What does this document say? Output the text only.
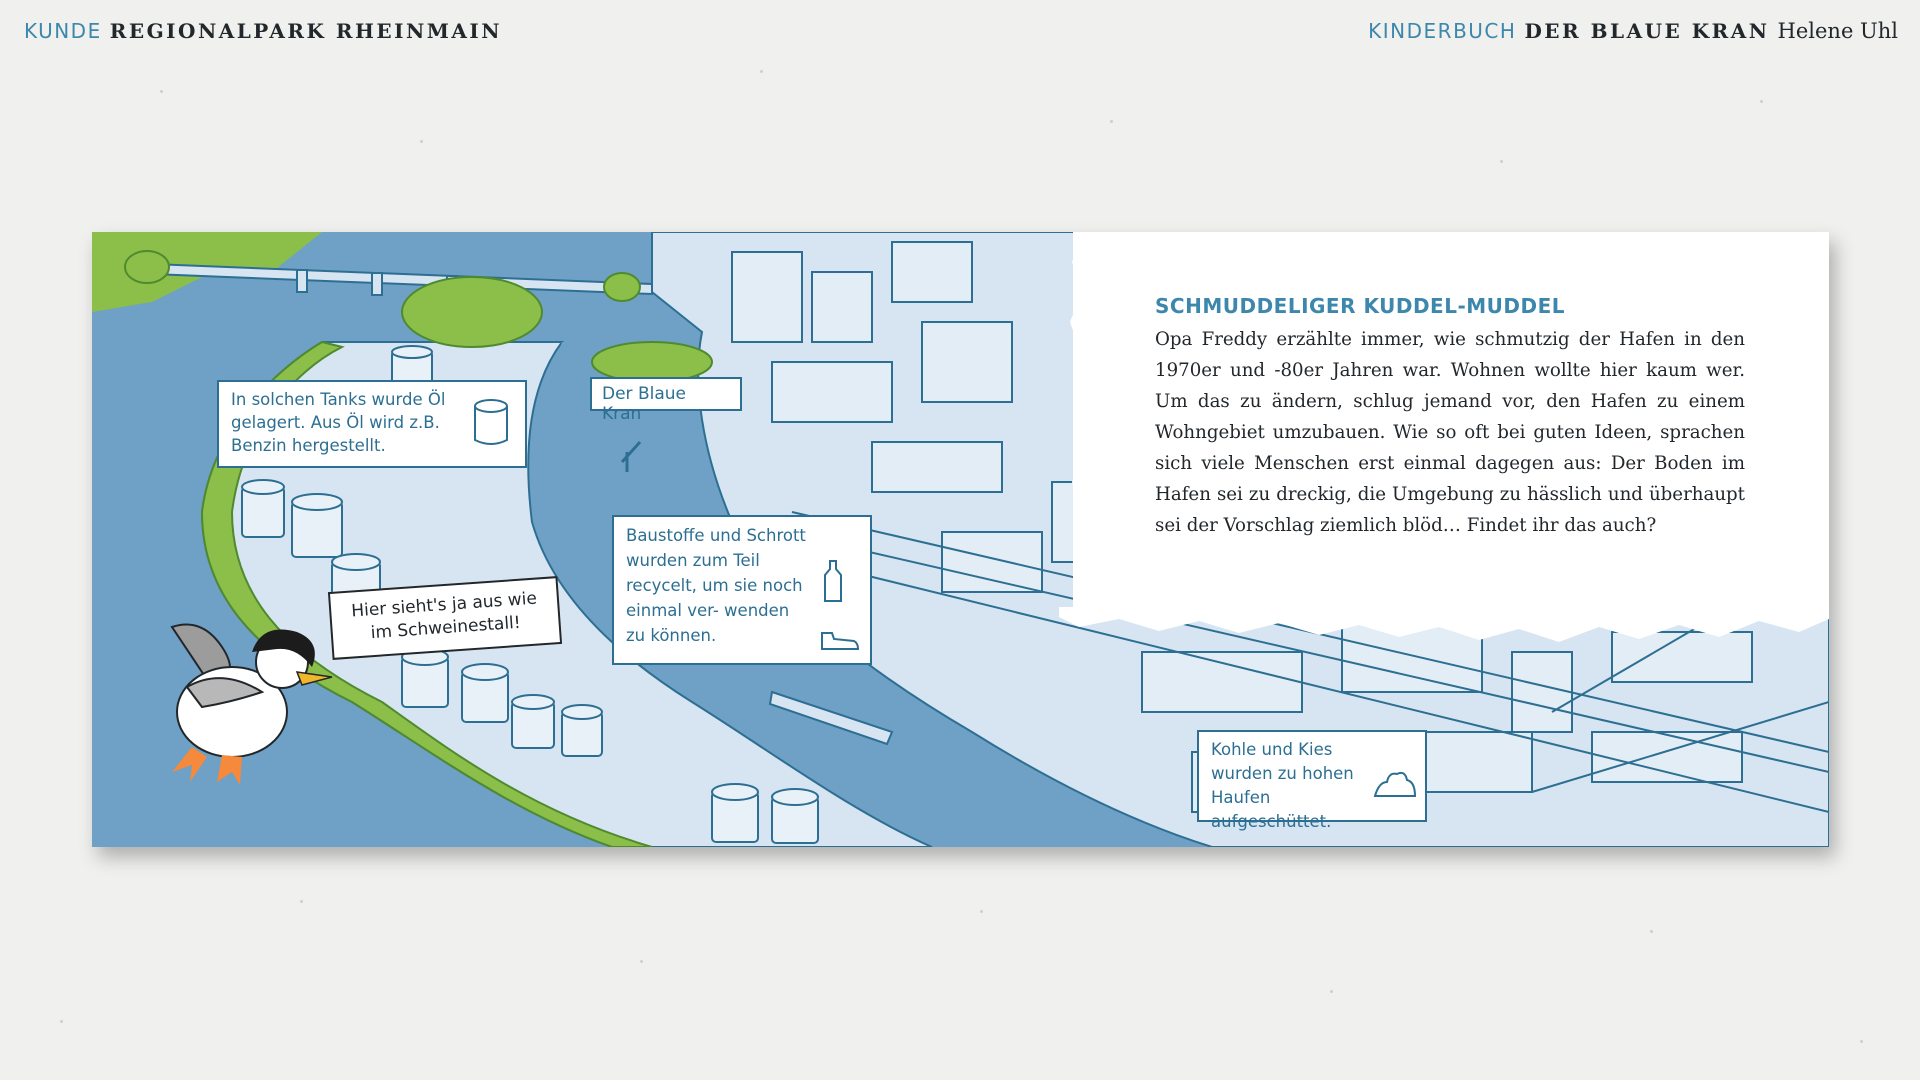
KUNDE REGIONALPARK RHEINMAIN	KINDERBUCH DER BLAUE KRAN Helene Uhl
In solchen Tanks wurde Öl gelagert. Aus Öl wird z.B. Benzin hergestellt.
Der Blaue Kran
Baustoffe und Schrott wurden zum Teil recycelt, um sie noch einmal ver- wenden zu können.
Kohle und Kies wurden zu hohen Haufen aufgeschüttet.
Hier sieht's ja aus wie im Schweinestall!
SCHMUDDELIGER KUDDEL-MUDDEL
Opa Freddy erzählte immer, wie schmutzig der Hafen in den 1970er und -80er Jahren war. Wohnen wollte hier kaum wer. Um das zu ändern, schlug jemand vor, den Hafen zu einem Wohngebiet umzubauen. Wie so oft bei guten Ideen, sprachen sich viele Menschen erst einmal dagegen aus: Der Boden im Hafen sei zu dreckig, die Umgebung zu hässlich und überhaupt sei der Vorschlag ziemlich blöd… Findet ihr das auch?
